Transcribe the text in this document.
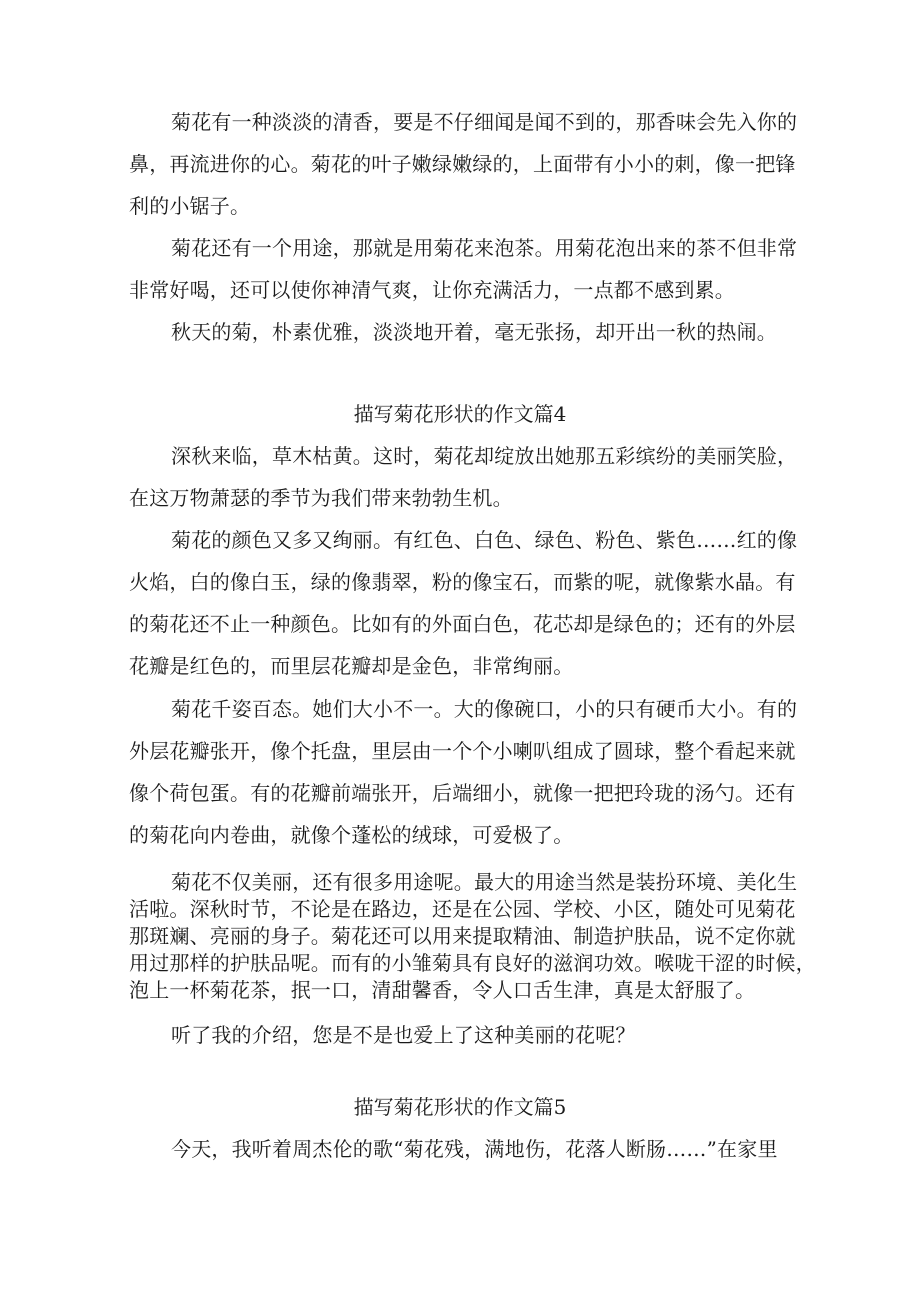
菊花有一种淡淡的清香，要是不仔细闻是闻不到的，那香味会先入你的
鼻，再流进你的心。菊花的叶子嫩绿嫩绿的，上面带有小小的刺，像一把锋
利的小锯子。
菊花还有一个用途，那就是用菊花来泡茶。用菊花泡出来的茶不但非常
非常好喝，还可以使你神清气爽，让你充满活力，一点都不感到累。
秋天的菊，朴素优雅，淡淡地开着，毫无张扬，却开出一秋的热闹。
描写菊花形状的作文篇4
深秋来临，草木枯黄。这时，菊花却绽放出她那五彩缤纷的美丽笑脸，
在这万物萧瑟的季节为我们带来勃勃生机。
菊花的颜色又多又绚丽。有红色、白色、绿色、粉色、紫色……红的像
火焰，白的像白玉，绿的像翡翠，粉的像宝石，而紫的呢，就像紫水晶。有
的菊花还不止一种颜色。比如有的外面白色，花芯却是绿色的；还有的外层
花瓣是红色的，而里层花瓣却是金色，非常绚丽。
菊花千姿百态。她们大小不一。大的像碗口，小的只有硬币大小。有的
外层花瓣张开，像个托盘，里层由一个个小喇叭组成了圆球，整个看起来就
像个荷包蛋。有的花瓣前端张开，后端细小，就像一把把玲珑的汤勺。还有
的菊花向内卷曲，就像个蓬松的绒球，可爱极了。
菊花不仅美丽，还有很多用途呢。最大的用途当然是装扮环境、美化生
活啦。深秋时节，不论是在路边，还是在公园、学校、小区，随处可见菊花
那斑斓、亮丽的身子。菊花还可以用来提取精油、制造护肤品，说不定你就
用过那样的护肤品呢。而有的小雏菊具有良好的滋润功效。喉咙干涩的时候，
泡上一杯菊花茶，抿一口，清甜馨香，令人口舌生津，真是太舒服了。
听了我的介绍，您是不是也爱上了这种美丽的花呢？
描写菊花形状的作文篇5
今天，我听着周杰伦的歌“菊花残，满地伤，花落人断肠……”在家里
